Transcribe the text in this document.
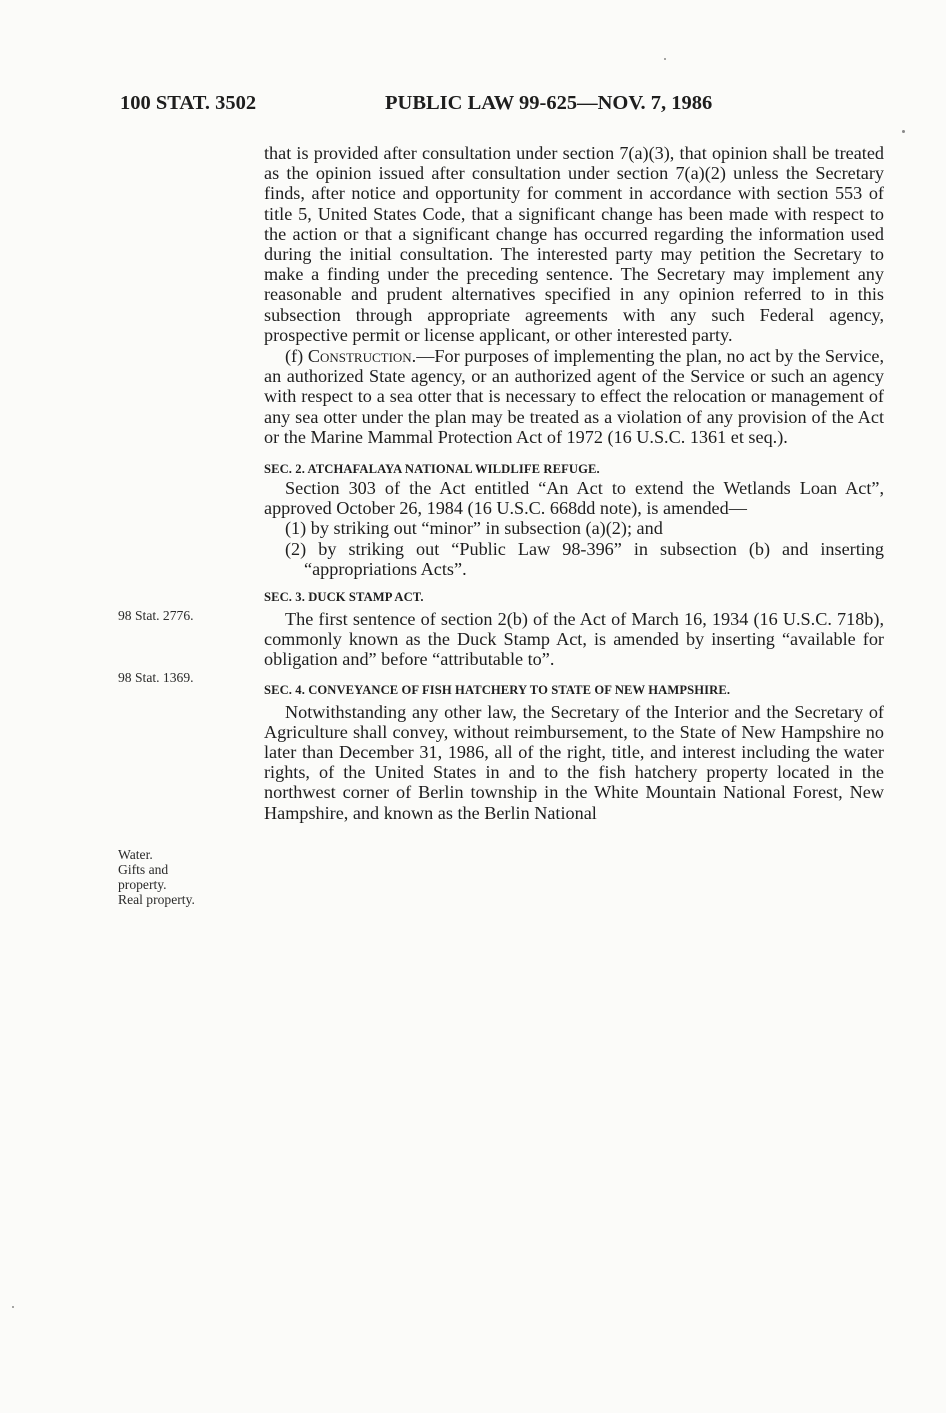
100 STAT. 3502	PUBLIC LAW 99-625—NOV. 7, 1986

that is provided after consultation under section 7(a)(3), that opinion shall be treated as the opinion issued after consultation under section 7(a)(2) unless the Secretary finds, after notice and opportunity for comment in accordance with section 553 of title 5, United States Code, that a significant change has been made with respect to the action or that a significant change has occurred regarding the information used during the initial consultation. The interested party may petition the Secretary to make a finding under the preceding sentence. The Secretary may implement any reasonable and prudent alternatives specified in any opinion referred to in this subsection through appropriate agreements with any such Federal agency, prospective permit or license applicant, or other interested party.

(f) Construction.—For purposes of implementing the plan, no act by the Service, an authorized State agency, or an authorized agent of the Service or such an agency with respect to a sea otter that is necessary to effect the relocation or management of any sea otter under the plan may be treated as a violation of any provision of the Act or the Marine Mammal Protection Act of 1972 (16 U.S.C. 1361 et seq.).

SEC. 2. ATCHAFALAYA NATIONAL WILDLIFE REFUGE.

Section 303 of the Act entitled “An Act to extend the Wetlands Loan Act”, approved October 26, 1984 (16 U.S.C. 668dd note), is amended—

(1) by striking out “minor” in subsection (a)(2); and

(2) by striking out “Public Law 98-396” in subsection (b) and inserting “appropriations Acts”.

SEC. 3. DUCK STAMP ACT.

The first sentence of section 2(b) of the Act of March 16, 1934 (16 U.S.C. 718b), commonly known as the Duck Stamp Act, is amended by inserting “available for obligation and” before “attributable to”.

SEC. 4. CONVEYANCE OF FISH HATCHERY TO STATE OF NEW HAMPSHIRE.

Notwithstanding any other law, the Secretary of the Interior and the Secretary of Agriculture shall convey, without reimbursement, to the State of New Hampshire no later than December 31, 1986, all of the right, title, and interest including the water rights, of the United States in and to the fish hatchery property located in the northwest corner of Berlin township in the White Mountain National Forest, New Hampshire, and known as the Berlin National

98 Stat. 2776.
98 Stat. 1369.
Water.
Gifts and
property.
Real property.
